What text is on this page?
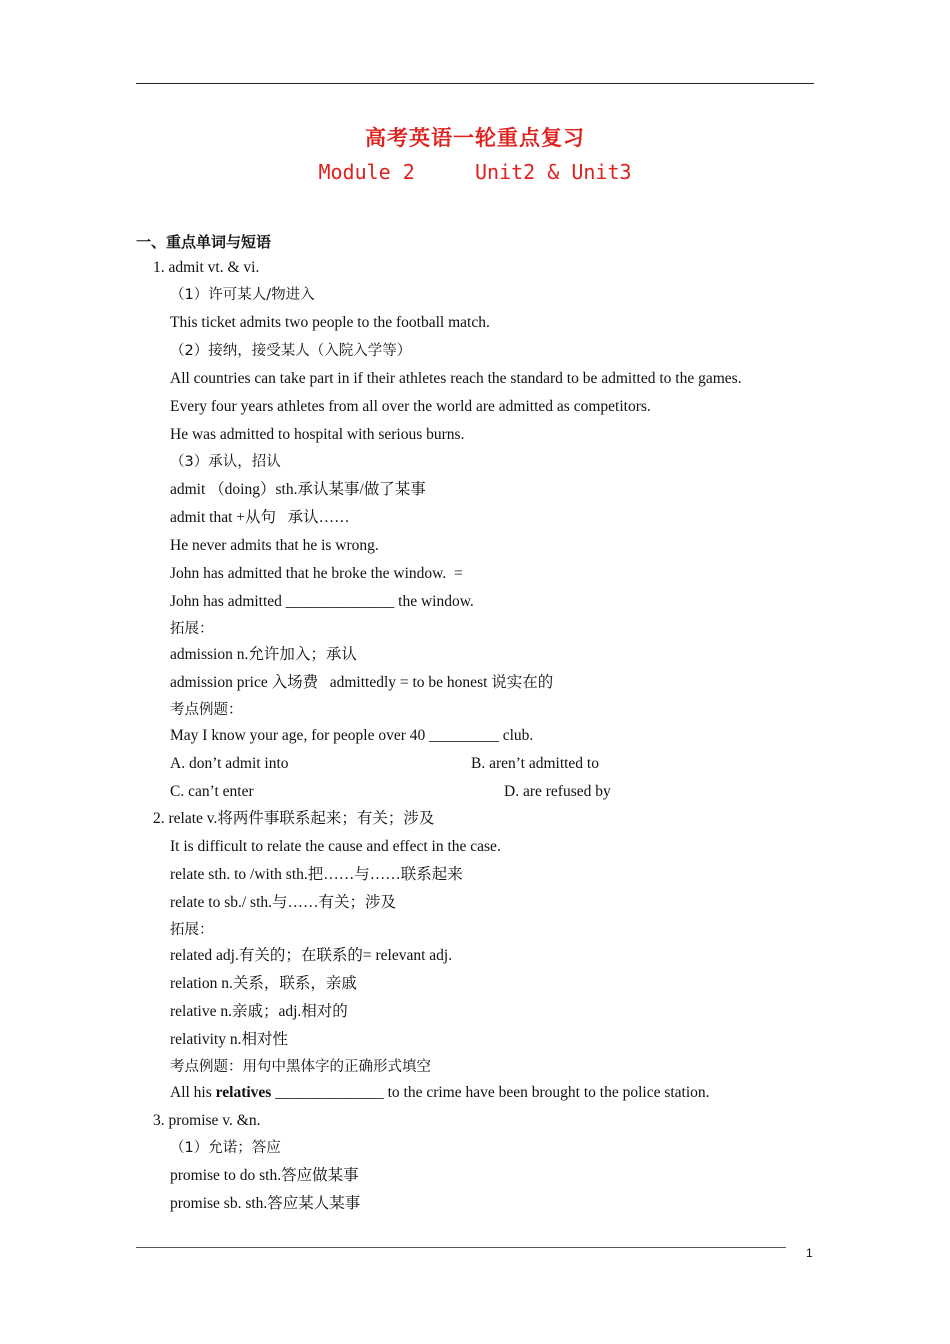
高考英语一轮重点复习
Module 2     Unit2 & Unit3
一、重点单词与短语
1. admit vt. & vi.
（1）许可某人/物进入
This ticket admits two people to the football match.
（2）接纳，接受某人（入院入学等）
All countries can take part in if their athletes reach the standard to be admitted to the games.
Every four years athletes from all over the world are admitted as competitors.
He was admitted to hospital with serious burns.
（3）承认，招认
admit （doing）sth.承认某事/做了某事
admit that +从句   承认……
He never admits that he is wrong.
John has admitted that he broke the window.  =
John has admitted ______________ the window.
拓展：
admission n.允许加入；承认
admission price 入场费   admittedly = to be honest 说实在的
考点例题：
May I know your age, for people over 40 _________ club.
A. don’t admit into	B. aren’t admitted to
C. can’t enter	D. are refused by
2. relate v.将两件事联系起来；有关；涉及
It is difficult to relate the cause and effect in the case.
relate sth. to /with sth.把……与……联系起来
relate to sb./ sth.与……有关；涉及
拓展：
related adj.有关的；在联系的= relevant adj.
relation n.关系，联系，亲戚
relative n.亲戚；adj.相对的
relativity n.相对性
考点例题：用句中黑体字的正确形式填空
All his relatives ______________ to the crime have been brought to the police station.
3. promise v. &n.
（1）允诺；答应
promise to do sth.答应做某事
promise sb. sth.答应某人某事
1
